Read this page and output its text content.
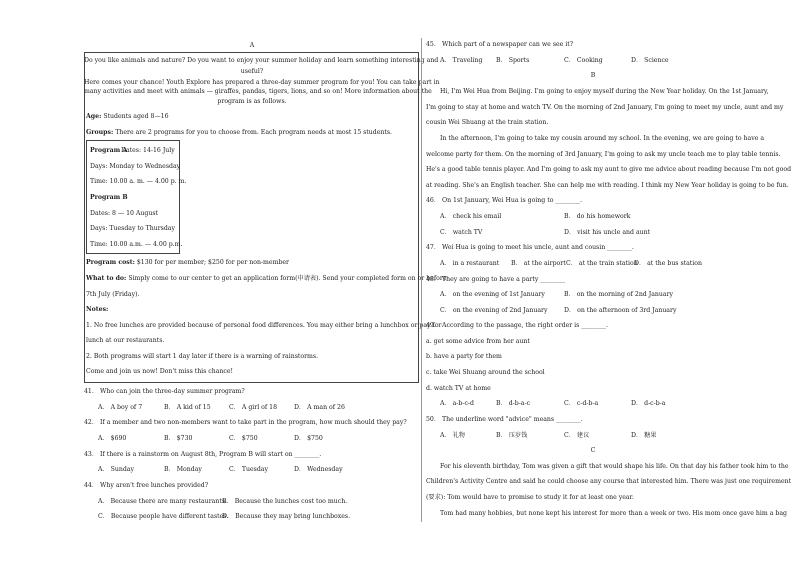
A
Do you like animals and nature? Do you want to enjoy your summer holiday and learn something interesting and
useful?
Here comes your chance! Youth Explore has prepared a three-day summer program for you! You can take part in
many activities and meet with animals — giraffes, pandas, tigers, lions, and so on! More information about the
program is as follows.
Age: Students aged 8—16
Groups: There are 2 programs for you to choose from. Each program needs at most 15 students.
Program A
Dates: 14-16 July
Days: Monday to Wednesday
Time: 10.00 a. m. — 4.00 p. m.
Program B
Dates: 8 — 10 August
Days: Tuesday to Thursday
Time: 10.00 a.m. — 4.00 p.m.
Program cost: $130 for per member; $250 for per non-member
What to do: Simply come to our center to get an application form(申请表). Send your completed form on or before
7th July (Friday).
Notes:
1. No free lunches are provided because of personal food differences. You may either bring a lunchbox or pay for
lunch at our restaurants.
2. Both programs will start 1 day later if there is a warning of rainstorms.
Come and join us now! Don't miss this chance!
41． Who can join the three-day summer program?
A． A boy of 7	B． A kid of 15	C． A girl of 18	D． A man of 26
42． If a member and two non-members want to take part in the program, how much should they pay?
A． $690	B． $730	C． $750	D． $750
43． If there is a rainstorm on August 8th, Program B will start on ________.
A． Sunday	B． Monday	C． Tuesday	D． Wednesday
44． Why aren't free lunches provided?
A． Because there are many restaurants.
B． Because the lunches cost too much.
C． Because people have different tastes.
D． Because they may bring lunchboxes.
45． Which part of a newspaper can we see it?
A． Traveling B． Sports	C． Cooking	D． Science
B
Hi, I'm Wei Hua from Beijing. I'm going to enjoy myself during the New Year holiday. On the 1st January,
I'm going to stay at home and watch TV. On the morning of 2nd January, I'm going to meet my uncle, aunt and my
cousin Wei Shuang at the train station.
In the afternoon, I'm going to take my cousin around my school. In the evening, we are going to have a
welcome party for them. On the morning of 3rd January, I'm going to ask my uncle teach me to play table tennis.
He's a good table tennis player. And I'm going to ask my aunt to give me advice about reading because I'm not good
at reading. She's an English teacher. She can help me with reading. I think my New Year holiday is going to be fun.
46． On 1st January, Wei Hua is going to ________.
A． check his email	B． do his homework
C． watch TV	D． visit his uncle and aunt
47． Wei Hua is going to meet his uncle, aunt and cousin ________.
A． in a restaurant B． at the airport C． at the train station
D． at the bus station
48． They are going to have a party ________
A． on the evening of 1st January	B． on the morning of 2nd January
C． on the evening of 2nd January	D． on the afternoon of 3rd January
49． According to the passage, the right order is ________.
a. get some advice from her aunt
b. have a party for them
c. take Wei Shuang around the school
d. watch TV at home
A． a-b-c-d	B． d-b-a-c	C． c-d-b-a	D． d-c-b-a
50． The underline word "advice" means ________.
A． 礼物	B． 压岁钱	C． 建议	D． 糖果
C
For his eleventh birthday, Tom was given a gift that would shape his life. On that day his father took him to the
Children's Activity Centre and said he could choose any course that interested him. There was just one requirement
(要求): Tom would have to promise to study it for at least one year.
Tom had many hobbies, but none kept his interest for more than a week or two. His mom once gave him a bag
